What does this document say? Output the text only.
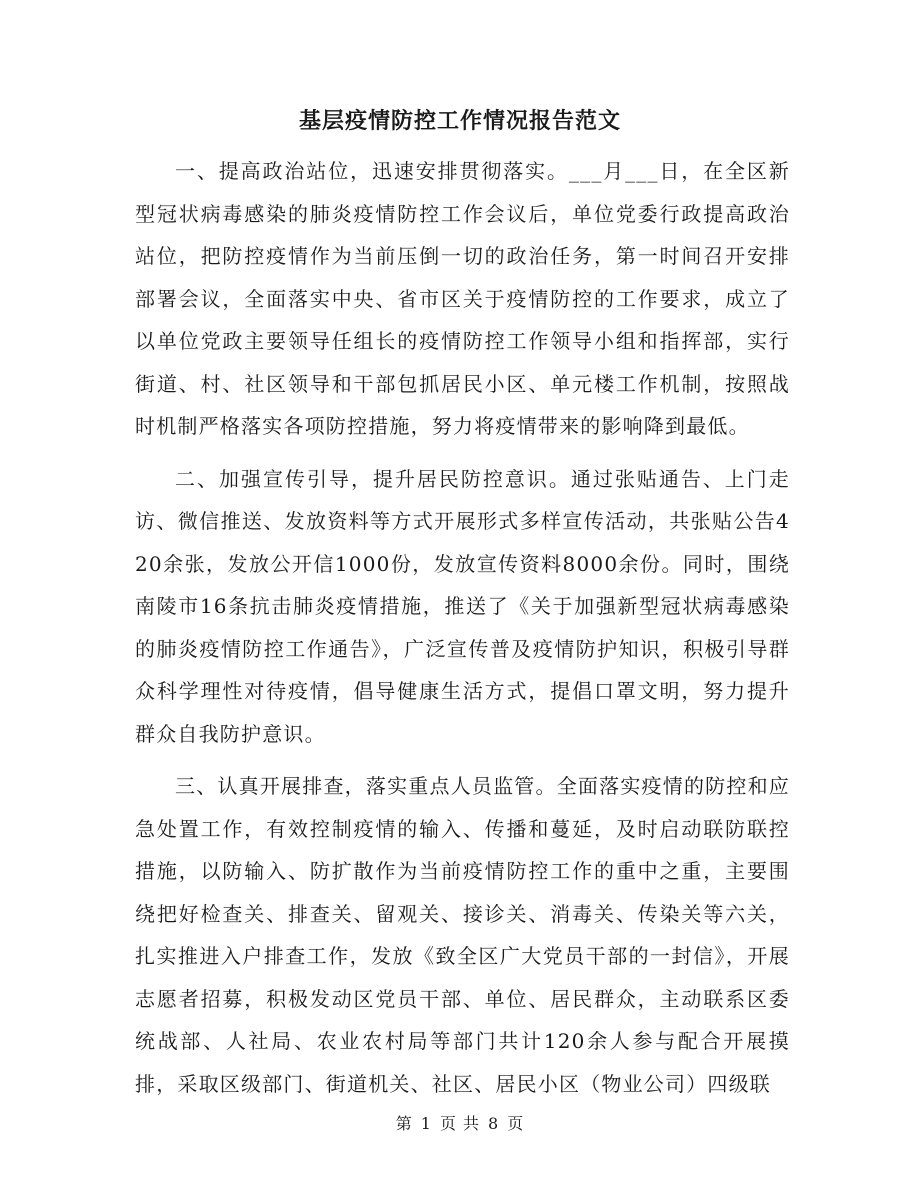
基层疫情防控工作情况报告范文

一、提高政治站位，迅速安排贯彻落实。___月___日，在全区新型冠状病毒感染的肺炎疫情防控工作会议后，单位党委行政提高政治站位，把防控疫情作为当前压倒一切的政治任务，第一时间召开安排部署会议，全面落实中央、省市区关于疫情防控的工作要求，成立了以单位党政主要领导任组长的疫情防控工作领导小组和指挥部，实行街道、村、社区领导和干部包抓居民小区、单元楼工作机制，按照战时机制严格落实各项防控措施，努力将疫情带来的影响降到最低。

二、加强宣传引导，提升居民防控意识。通过张贴通告、上门走访、微信推送、发放资料等方式开展形式多样宣传活动，共张贴公告420余张，发放公开信1000份，发放宣传资料8000余份。同时，围绕南陵市16条抗击肺炎疫情措施，推送了《关于加强新型冠状病毒感染的肺炎疫情防控工作通告》，广泛宣传普及疫情防护知识，积极引导群众科学理性对待疫情，倡导健康生活方式，提倡口罩文明，努力提升群众自我防护意识。

三、认真开展排查，落实重点人员监管。全面落实疫情的防控和应急处置工作，有效控制疫情的输入、传播和蔓延，及时启动联防联控措施，以防输入、防扩散作为当前疫情防控工作的重中之重，主要围绕把好检查关、排查关、留观关、接诊关、消毒关、传染关等六关，扎实推进入户排查工作，发放《致全区广大党员干部的一封信》，开展志愿者招募，积极发动区党员干部、单位、居民群众，主动联系区委统战部、人社局、农业农村局等部门共计120余人参与配合开展摸排，采取区级部门、街道机关、社区、居民小区（物业公司）四级联

第 1 页 共 8 页
